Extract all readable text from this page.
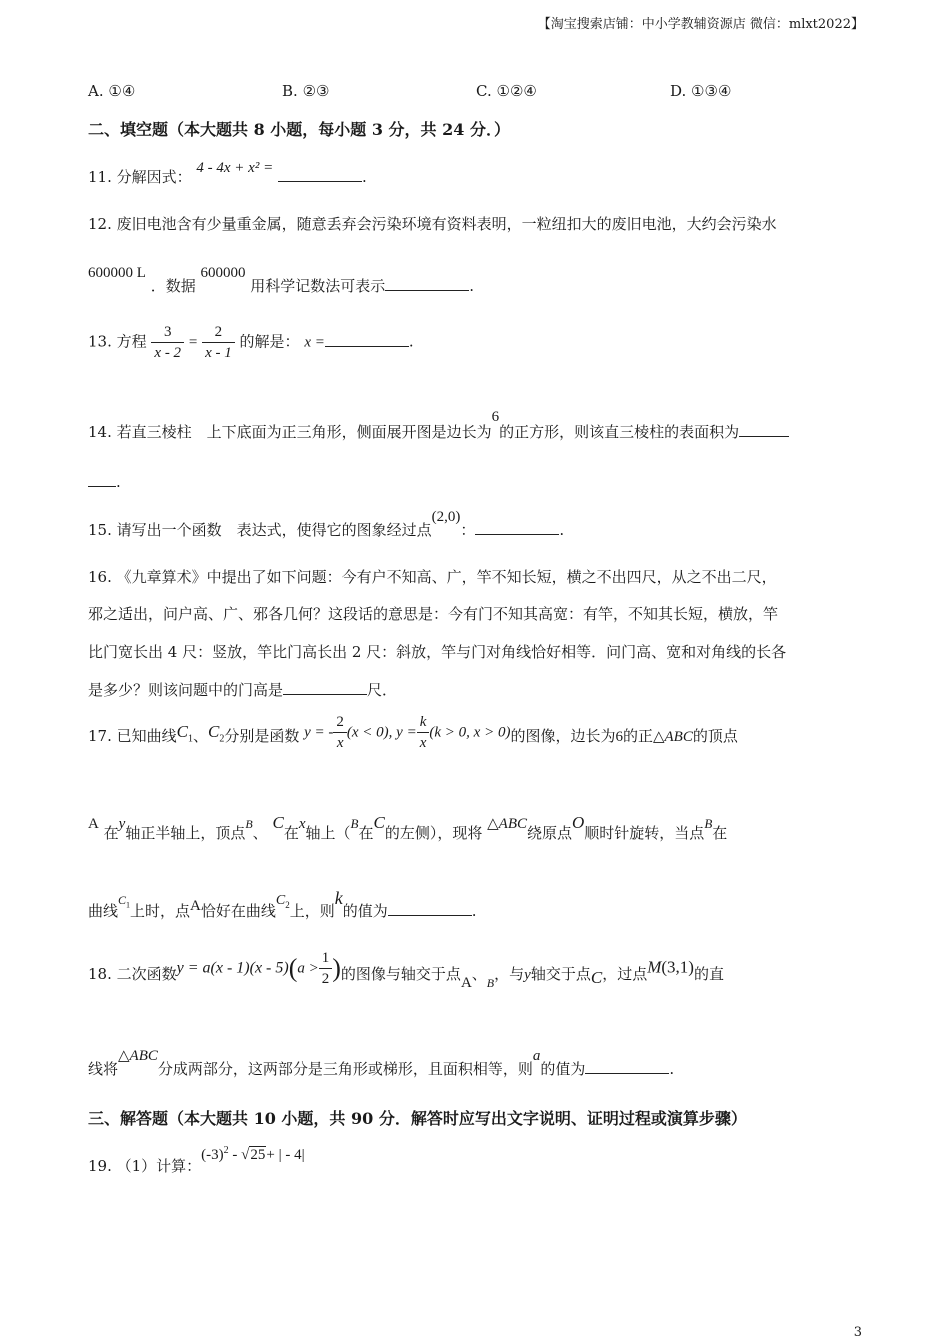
【淘宝搜索店铺：中小学教辅资源店 微信：mlxt2022】
A. ①④	B. ②③	C. ①②④	D. ①③④
二、填空题（本大题共 8 小题，每小题 3 分，共 24 分．）
11. 分解因式： 4 - 4x + x² =	.
12. 废旧电池含有少量重金属，随意丢弃会污染环境有资料表明，一粒纽扣大的废旧电池，大约会污染水
600000 L ．数据 600000 用科学记数法可表示	.
13. 方程 $\frac{3}{x - 2} = \frac{2}{x - 1}$ 的解是： x =	.
14. 若直三棱柱　上下底面为正三角形，侧面展开图是边长为6的正方形，则该直三棱柱的表面积为
.
15. 请写出一个函数　表达式，使得它的图象经过点(2,0)：	.
16. 《九章算术》中提出了如下问题：今有户不知高、广，竿不知长短，横之不出四尺，从之不出二尺，
邪之适出，问户高、广、邪各几何？这段话的意思是：今有门不知其高宽：有竿，不知其长短，横放，竿
比门宽长出 4 尺：竖放，竿比门高长出 2 尺：斜放，竿与门对角线恰好相等．问门高、宽和对角线的长各
是多少？则该问题中的门高是	尺．
17. 已知曲线$C_1$、$C_2$分别是函数 y = - $\frac{2}{x} (x < 0)$, $y = \frac{k}{x} (k > 0$, x > 0)的图像，边长为6的正△ABC的顶点
A 在y轴正半轴上，顶点B、 C在x轴上（B在C的左侧），现将 △ABC绕原点O顺时针旋转，当点B在
曲线$C_1$上时，点A恰好在曲线$C_2$上，则k的值为	.
18. 二次函数$y = a(x - 1)(x - 5)(a > \frac{1}{2}$ )的图像与轴交于点A、$_B$，与y轴交于点C，过点M(3,1)的直
线将△ABC分成两部分，这两部分是三角形或梯形，且面积相等，则a的值为	.
三、解答题（本大题共 10 小题，共 90 分．解答时应写出文字说明、证明过程或演算步骤）
19. （1）计算：$(-3)^2 - √25+$ | - 4|
3
